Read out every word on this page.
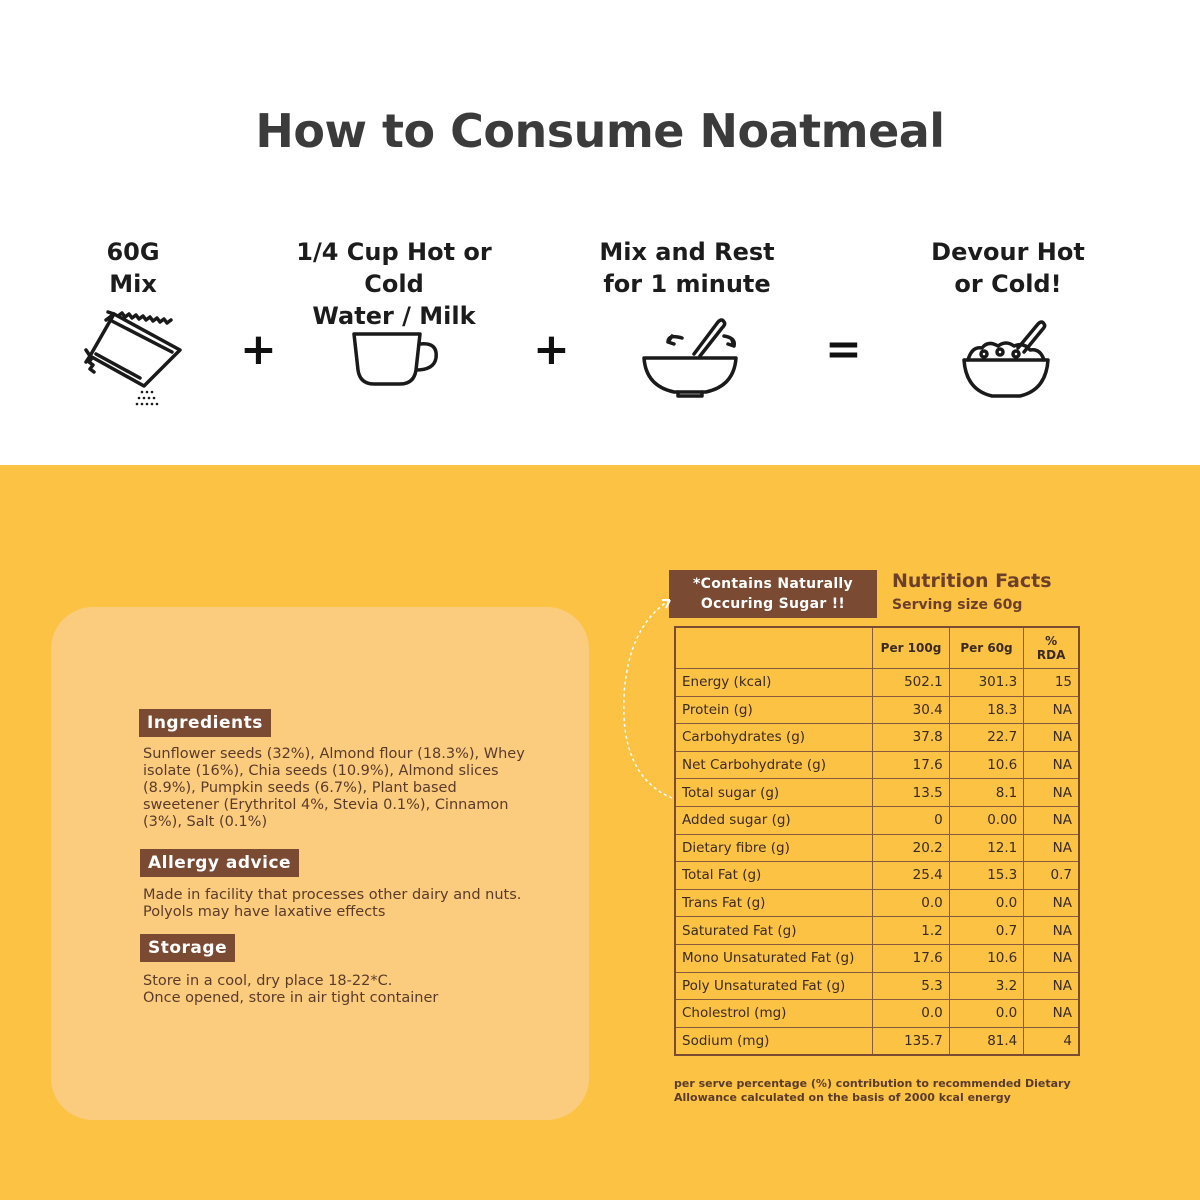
How to Consume Noatmeal
60G
Mix
1/4 Cup Hot or Cold
Water / Milk
Mix and Rest
for 1 minute
Devour Hot
or Cold!
+	+	=
Ingredients
Sunflower seeds (32%), Almond flour (18.3%), Whey isolate (16%), Chia seeds (10.9%), Almond slices (8.9%), Pumpkin seeds (6.7%), Plant based sweetener (Erythritol 4%, Stevia 0.1%), Cinnamon (3%), Salt (0.1%)
Allergy advice
Made in facility that processes other dairy and nuts. Polyols may have laxative effects
Storage
Store in a cool, dry place 18-22*C.
Once opened, store in air tight container
*Contains Naturally
Occuring Sugar !!
Nutrition Facts
Serving size 60g
	Per 100g	Per 60g	% RDA
Energy (kcal)	502.1	301.3	15
Protein (g)	30.4	18.3	NA
Carbohydrates (g)	37.8	22.7	NA
Net Carbohydrate (g)	17.6	10.6	NA
Total sugar (g)	13.5	8.1	NA
Added sugar (g)	0	0.00	NA
Dietary fibre (g)	20.2	12.1	NA
Total Fat (g)	25.4	15.3	0.7
Trans Fat (g)	0.0	0.0	NA
Saturated Fat (g)	1.2	0.7	NA
Mono Unsaturated Fat (g)	17.6	10.6	NA
Poly Unsaturated Fat (g)	5.3	3.2	NA
Cholestrol (mg)	0.0	0.0	NA
Sodium (mg)	135.7	81.4	4
per serve percentage (%) contribution to recommended Dietary Allowance calculated on the basis of 2000 kcal energy
